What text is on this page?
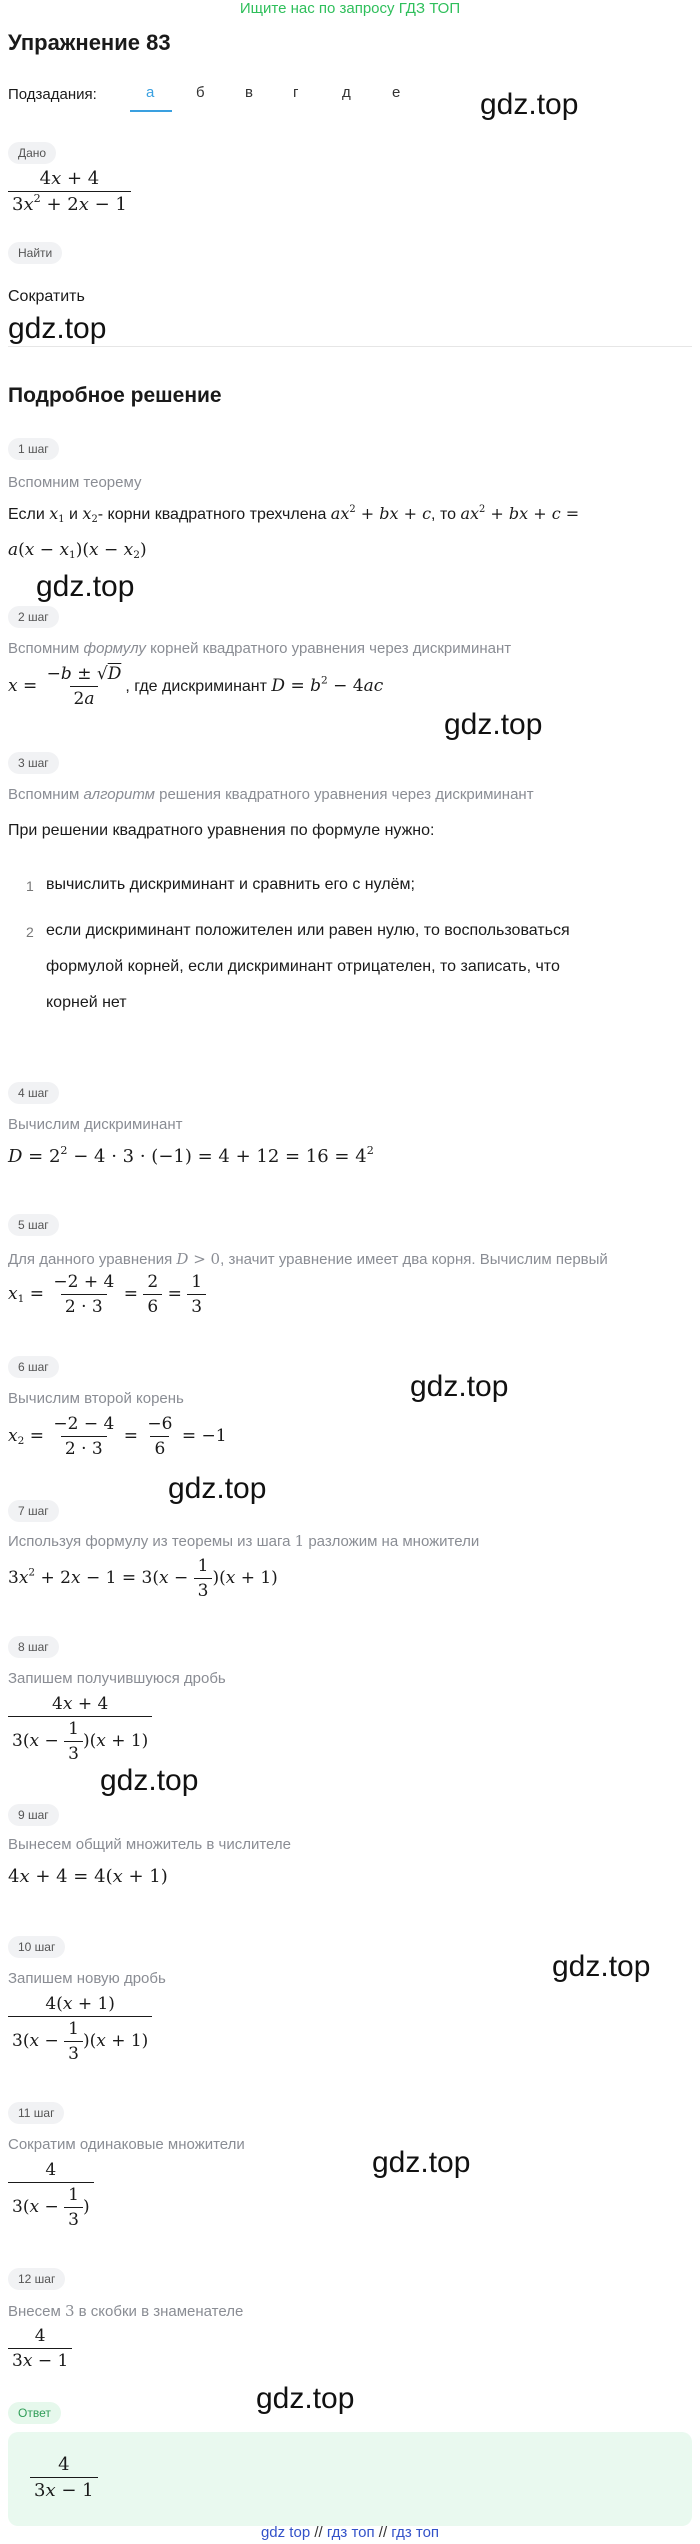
Ищите нас по запросу ГДЗ ТОП
Упражнение 83
Подзадания:	а	б	в	г	д	е	gdz.top
Дано
$\frac{4x + 4}{3x^2 + 2x - 1}$
Найти
Сократить
gdz.top
Подробное решение
1 шаг
Вспомним теорему
Если $x_1$ и $x_2-$ корни квадратного трехчлена $ax^2$ + bx + c, то $ax^2$ + bx + c =
$a(x - x_1)(x - x_2)$
gdz.top
2 шаг
Вспомним формулу корней квадратного уравнения через дискриминант
$x = \frac{-b \pm √D}{2a}$ , где дискриминант $D = b^2 - 4ac$
gdz.top
3 шаг
Вспомним алгоритм решения квадратного уравнения через дискриминант
При решении квадратного уравнения по формуле нужно:
1 вычислить дискриминант и сравнить его с нулём;
2 если дискриминант положителен или равен нулю, то воспользоваться
формулой корней, если дискриминант отрицателен, то записать, что
корней нет
4 шаг
Вычислим дискриминант
$D = 2^2 - 4 \cdot 3 \cdot (-1) = 4 + 12 = 16 = 4^2$
5 шаг
Для данного уравнения D > 0, значит уравнение имеет два корня. Вычислим первый
$x_1 = \frac{-2 + 4}{2 \cdot 3} = \frac{2}{6} = \frac{1}{3}$
6 шаг
Вычислим второй корень	gdz.top
$x_2 = \frac{-2 - 4}{2 \cdot 3} = \frac{-6}{6} = -1$
gdz.top
7 шаг
Используя формулу из теоремы из шага 1 разложим на множители
$3x^2 + 2x - 1 = 3(x - \frac{1}{3} )(x + 1)$
8 шаг
Запишем получившуюся дробь
$\frac{4x + 4}{3(x - \frac{1}{3} )(x + 1)}$
gdz.top
9 шаг
Вынесем общий множитель в числителе
4x + 4 = 4(x + 1)
10 шаг
Запишем новую дробь	gdz.top
$\frac{4(x + 1)}{3(x - \frac{1}{3} )(x + 1)}$
11 шаг
Сократим одинаковые множители
gdz.top
$\frac{4}{3(x - \frac{1}{3} )}$
12 шаг
Внесем 3 в скобки в знаменателе
$\frac{4}{3x - 1}$
gdz.top
Ответ
$\frac{4}{3x - 1}$
gdz top // гдз топ // гдз топ
